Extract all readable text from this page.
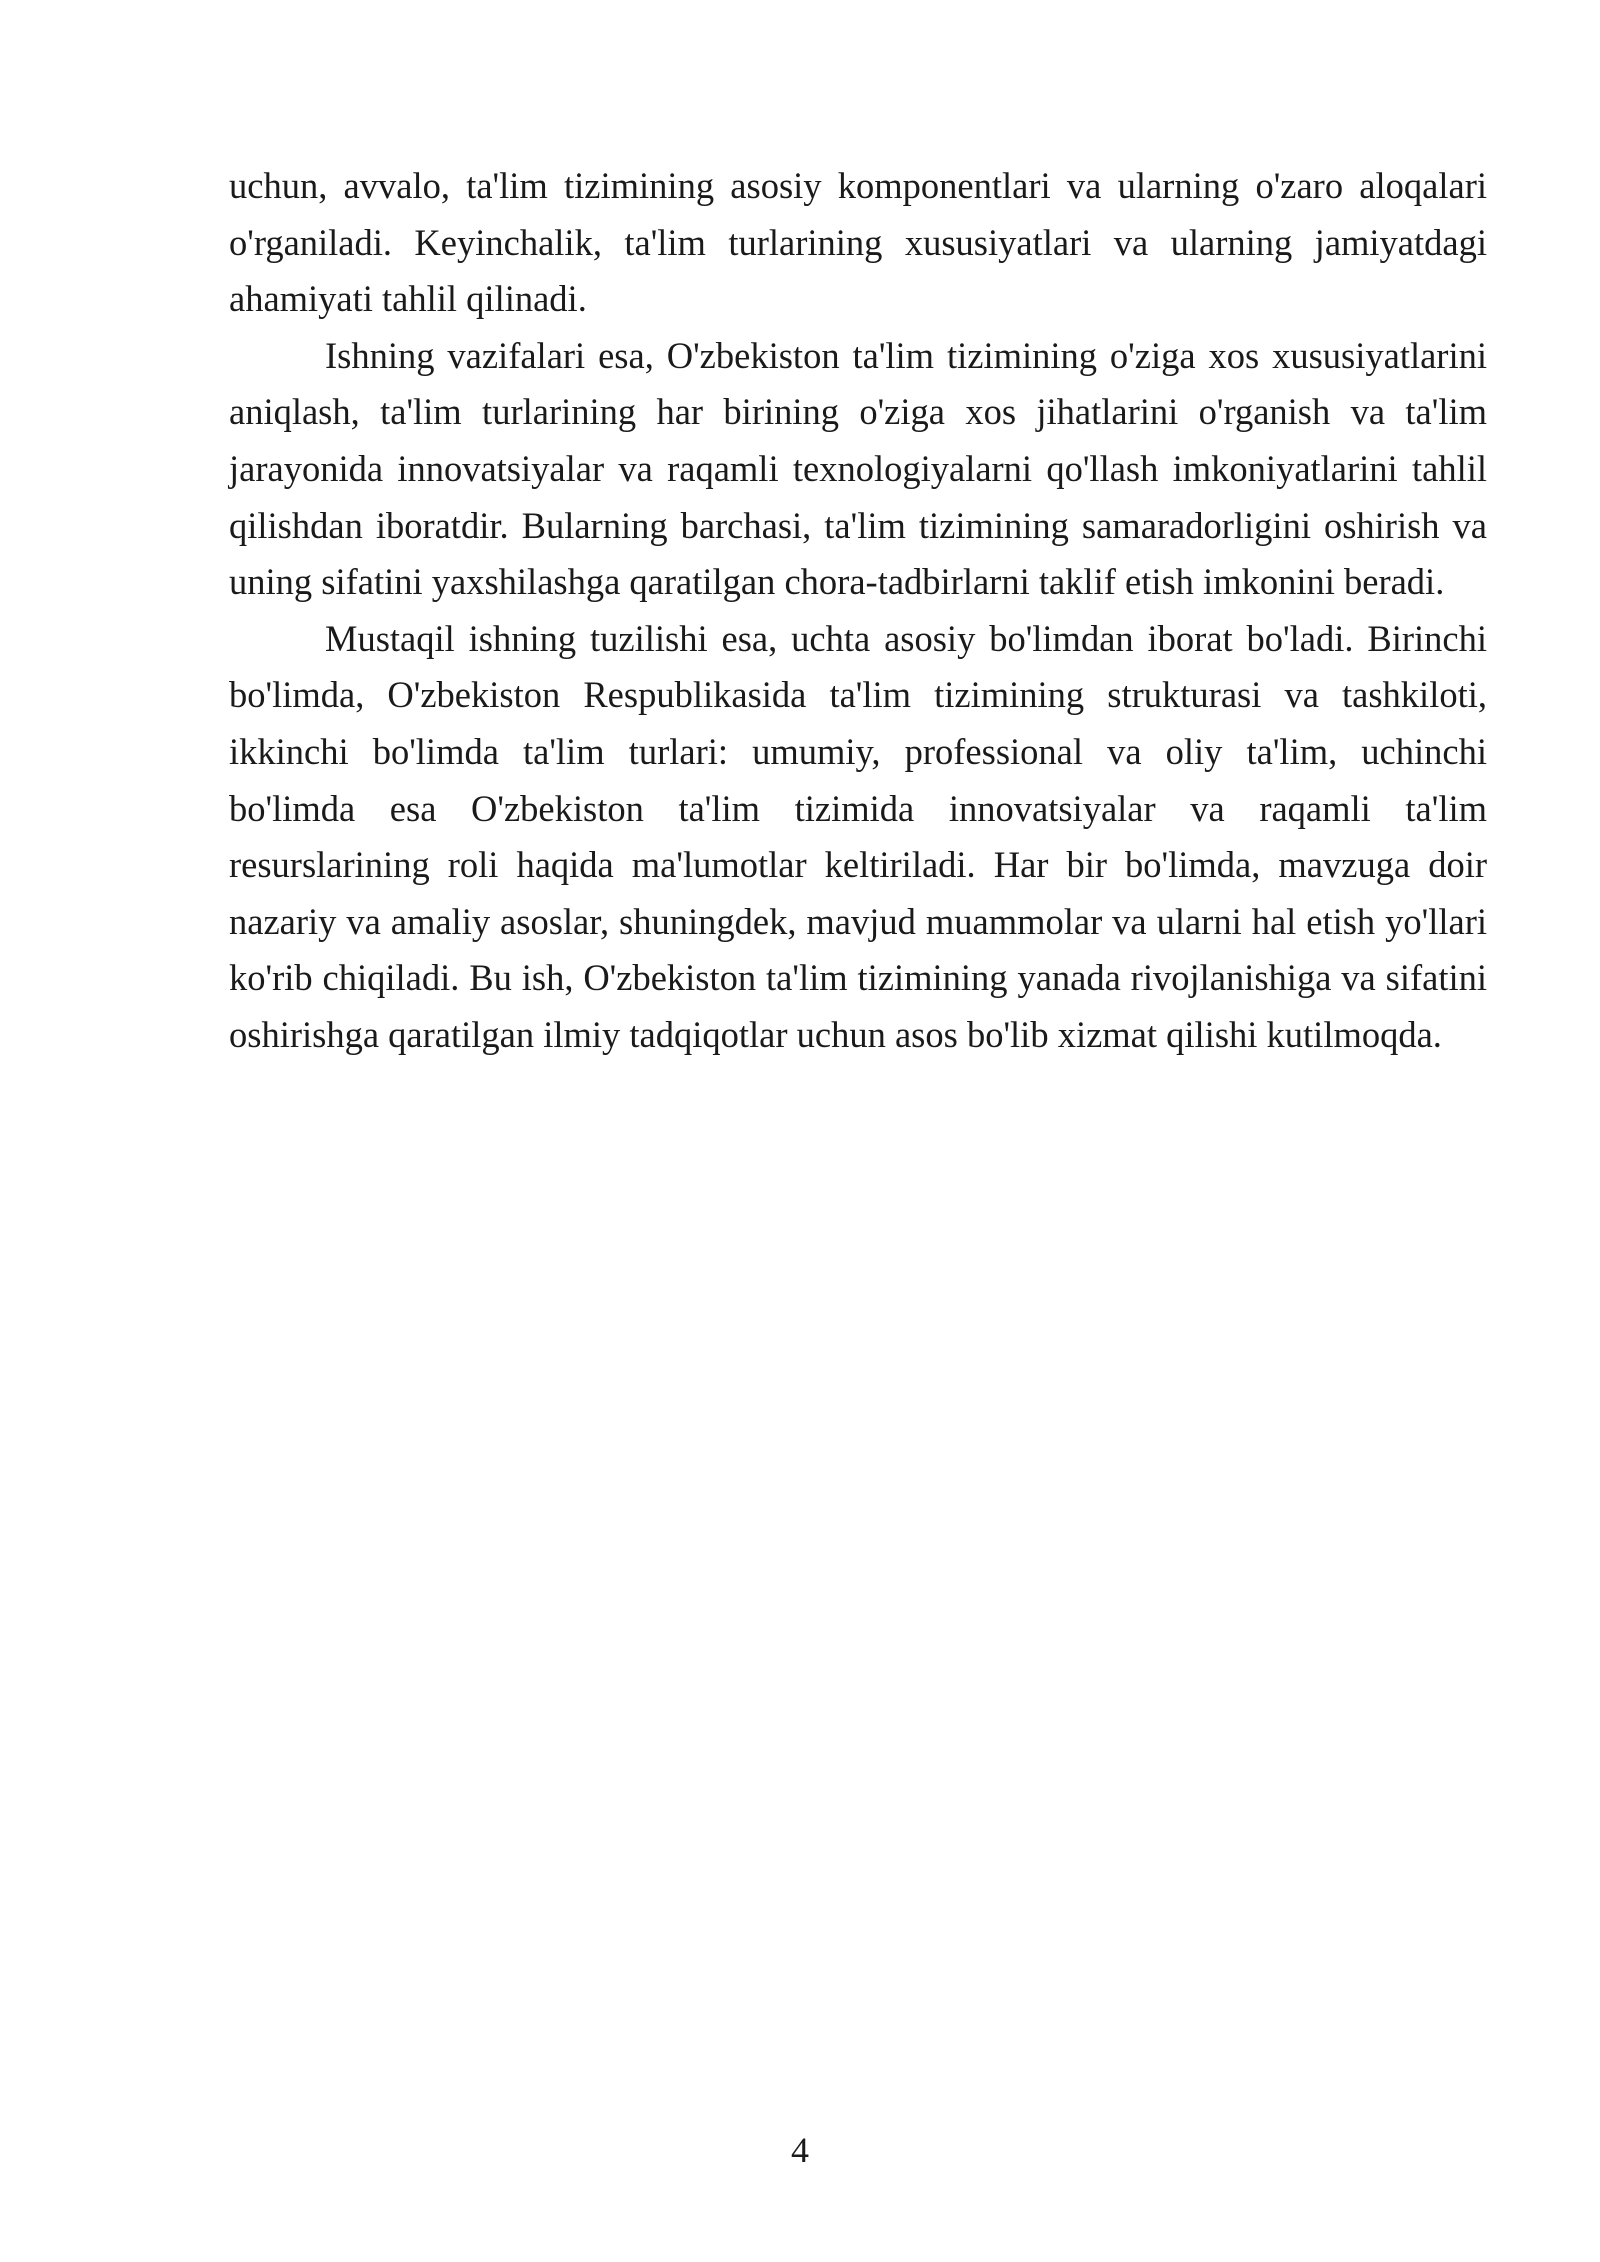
uchun, avvalo, ta'lim tizimining asosiy komponentlari va ularning o'zaro aloqalari o'rganiladi. Keyinchalik, ta'lim turlarining xususiyatlari va ularning jamiyatdagi ahamiyati tahlil qilinadi.

Ishning vazifalari esa, O'zbekiston ta'lim tizimining o'ziga xos xususiyatlarini aniqlash, ta'lim turlarining har birining o'ziga xos jihatlarini o'rganish va ta'lim jarayonida innovatsiyalar va raqamli texnologiyalarni qo'llash imkoniyatlarini tahlil qilishdan iboratdir. Bularning barchasi, ta'lim tizimining samaradorligini oshirish va uning sifatini yaxshilashga qaratilgan chora-tadbirlarni taklif etish imkonini beradi.

Mustaqil ishning tuzilishi esa, uchta asosiy bo'limdan iborat bo'ladi. Birinchi bo'limda, O'zbekiston Respublikasida ta'lim tizimining strukturasi va tashkiloti, ikkinchi bo'limda ta'lim turlari: umumiy, professional va oliy ta'lim, uchinchi bo'limda esa O'zbekiston ta'lim tizimida innovatsiyalar va raqamli ta'lim resurslarining roli haqida ma'lumotlar keltiriladi. Har bir bo'limda, mavzuga doir nazariy va amaliy asoslar, shuningdek, mavjud muammolar va ularni hal etish yo'llari ko'rib chiqiladi. Bu ish, O'zbekiston ta'lim tizimining yanada rivojlanishiga va sifatini oshirishga qaratilgan ilmiy tadqiqotlar uchun asos bo'lib xizmat qilishi kutilmoqda.

4
